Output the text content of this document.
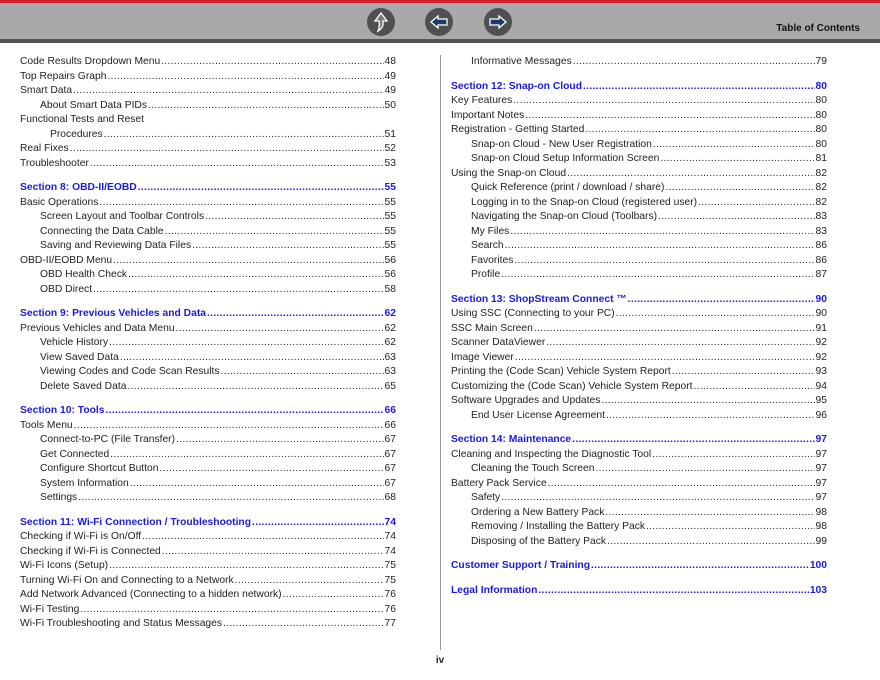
Table of Contents
Code Results Dropdown Menu .....	48
Top Repairs Graph .....	49
Smart Data .....	49
About Smart Data PIDs .....	50
Functional Tests and Reset
Procedures .....	51
Real Fixes .....	52
Troubleshooter .....	53
Section 8: OBD-II/EOBD .....	55
Basic Operations .....	55
Screen Layout and Toolbar Controls .....	55
Connecting the Data Cable .....	55
Saving and Reviewing Data Files .....	55
OBD-II/EOBD Menu .....	56
OBD Health Check .....	56
OBD Direct .....	58
Section 9: Previous Vehicles and Data .....	62
Previous Vehicles and Data Menu .....	62
Vehicle History .....	62
View Saved Data .....	63
Viewing Codes and Code Scan Results .....	63
Delete Saved Data .....	65
Section 10: Tools .....	66
Tools Menu .....	66
Connect-to-PC (File Transfer) .....	67
Get Connected .....	67
Configure Shortcut Button .....	67
System Information .....	67
Settings .....	68
Section 11: Wi-Fi Connection / Troubleshooting .....	74
Checking if Wi-Fi is On/Off .....	74
Checking if Wi-Fi is Connected .....	74
Wi-Fi Icons (Setup) .....	75
Turning Wi-Fi On and Connecting to a Network .....	75
Add Network Advanced (Connecting to a hidden network) .....	76
Wi-Fi Testing .....	76
Wi-Fi Troubleshooting and Status Messages .....	77
Informative Messages .....	79
Section 12: Snap-on Cloud .....	80
Key Features .....	80
Important Notes .....	80
Registration - Getting Started .....	80
Snap-on Cloud - New User Registration .....	80
Snap-on Cloud Setup Information Screen .....	81
Using the Snap-on Cloud .....	82
Quick Reference (print / download / share) .....	82
Logging in to the Snap-on Cloud (registered user) .....	82
Navigating the Snap-on Cloud (Toolbars) .....	83
My Files .....	83
Search .....	86
Favorites .....	86
Profile .....	87
Section 13: ShopStream Connect ™ .....	90
Using SSC (Connecting to your PC) .....	90
SSC Main Screen .....	91
Scanner DataViewer .....	92
Image Viewer .....	92
Printing the (Code Scan) Vehicle System Report .....	93
Customizing the (Code Scan) Vehicle System Report .....	94
Software Upgrades and Updates .....	95
End User License Agreement .....	96
Section 14: Maintenance .....	97
Cleaning and Inspecting the Diagnostic Tool .....	97
Cleaning the Touch Screen .....	97
Battery Pack Service .....	97
Safety .....	97
Ordering a New Battery Pack .....	98
Removing / Installing the Battery Pack .....	98
Disposing of the Battery Pack .....	99
Customer Support / Training .....	100
Legal Information .....	103
iv
